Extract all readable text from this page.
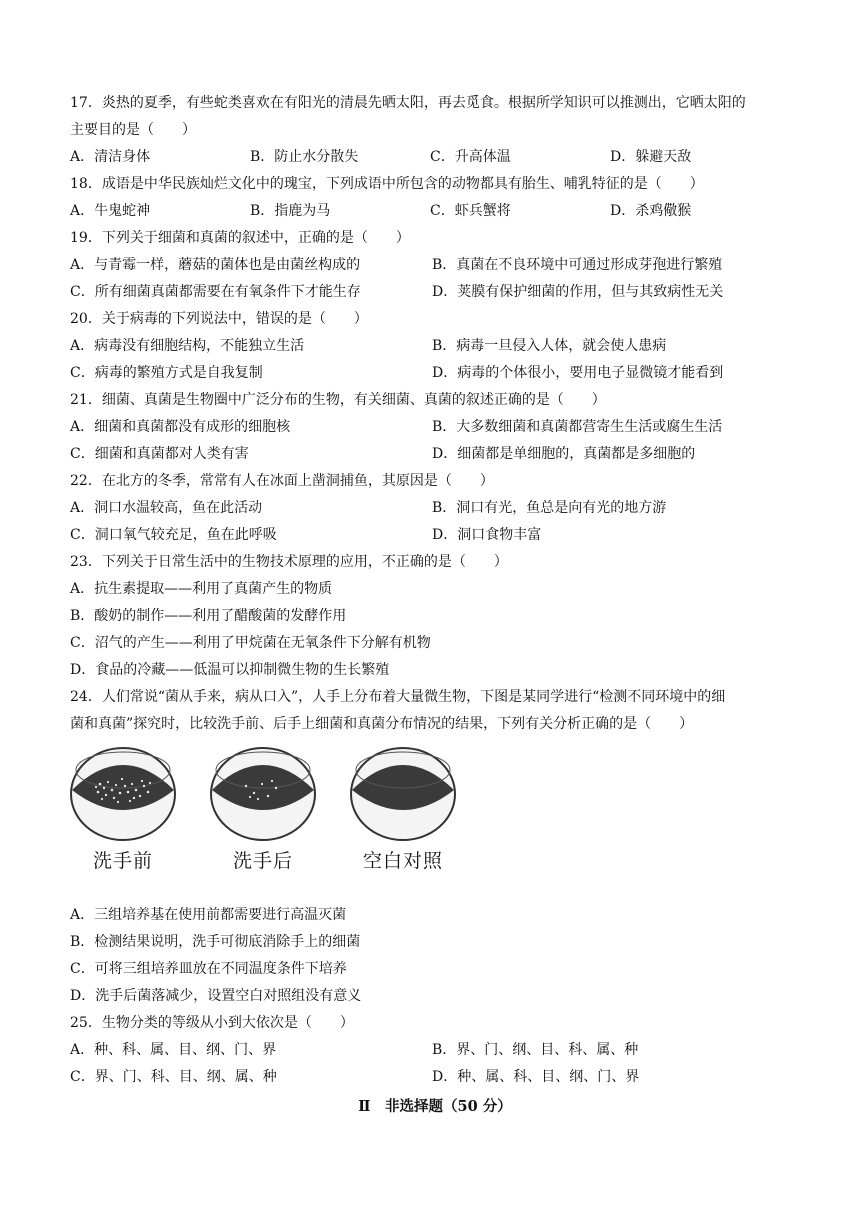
17．炎热的夏季，有些蛇类喜欢在有阳光的清晨先晒太阳，再去觅食。根据所学知识可以推测出，它晒太阳的
主要目的是（　　）
A．清洁身体	B．防止水分散失	C．升高体温	D．躲避天敌
18．成语是中华民族灿烂文化中的瑰宝，下列成语中所包含的动物都具有胎生、哺乳特征的是（　　）
A．牛鬼蛇神	B．指鹿为马	C．虾兵蟹将	D．杀鸡儆猴
19．下列关于细菌和真菌的叙述中，正确的是（　　）
A．与青霉一样，蘑菇的菌体也是由菌丝构成的	B．真菌在不良环境中可通过形成芽孢进行繁殖
C．所有细菌真菌都需要在有氧条件下才能生存	D．荚膜有保护细菌的作用，但与其致病性无关
20．关于病毒的下列说法中，错误的是（　　）
A．病毒没有细胞结构，不能独立生活	B．病毒一旦侵入人体，就会使人患病
C．病毒的繁殖方式是自我复制	D．病毒的个体很小，要用电子显微镜才能看到
21．细菌、真菌是生物圈中广泛分布的生物，有关细菌、真菌的叙述正确的是（　　）
A．细菌和真菌都没有成形的细胞核	B．大多数细菌和真菌都营寄生生活或腐生生活
C．细菌和真菌都对人类有害	D．细菌都是单细胞的，真菌都是多细胞的
22．在北方的冬季，常常有人在冰面上凿洞捕鱼，其原因是（　　）
A．洞口水温较高，鱼在此活动	B．洞口有光，鱼总是向有光的地方游
C．洞口氧气较充足，鱼在此呼吸	D．洞口食物丰富
23．下列关于日常生活中的生物技术原理的应用，不正确的是（　　）
A．抗生素提取——利用了真菌产生的物质
B．酸奶的制作——利用了醋酸菌的发酵作用
C．沼气的产生——利用了甲烷菌在无氧条件下分解有机物
D．食品的冷藏——低温可以抑制微生物的生长繁殖
24．人们常说“菌从手来，病从口入”，人手上分布着大量微生物，下图是某同学进行“检测不同环境中的细
菌和真菌”探究时，比较洗手前、后手上细菌和真菌分布情况的结果，下列有关分析正确的是（　　）
洗手前	洗手后	空白对照
A．三组培养基在使用前都需要进行高温灭菌
B．检测结果说明，洗手可彻底消除手上的细菌
C．可将三组培养皿放在不同温度条件下培养
D．洗手后菌落减少，设置空白对照组没有意义
25．生物分类的等级从小到大依次是（　　）
A．种、科、属、目、纲、门、界	B．界、门、纲、目、科、属、种
C．界、门、科、目、纲、属、种	D．种、属、科、目、纲、门、界
Ⅱ　非选择题（50 分）
